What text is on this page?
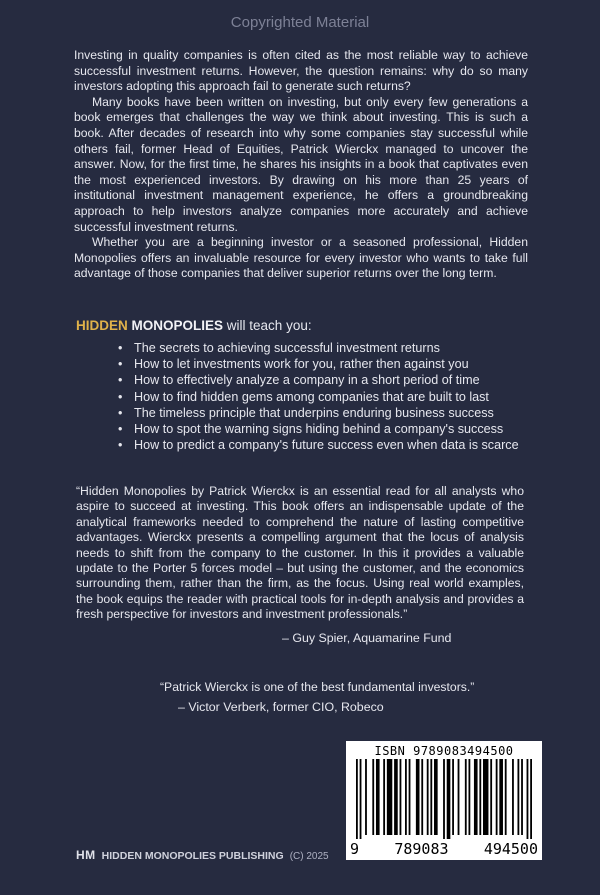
Copyrighted Material

Investing in quality companies is often cited as the most reliable way to achieve successful investment returns. However, the question remains: why do so many investors adopting this approach fail to generate such returns?

Many books have been written on investing, but only every few generations a book emerges that challenges the way we think about investing. This is such a book. After decades of research into why some companies stay successful while others fail, former Head of Equities, Patrick Wierckx managed to uncover the answer. Now, for the first time, he shares his insights in a book that captivates even the most experienced investors. By drawing on his more than 25 years of institutional investment management experience, he offers a groundbreaking approach to help investors analyze companies more accurately and achieve successful investment returns.

Whether you are a beginning investor or a seasoned professional, Hidden Monopolies offers an invaluable resource for every investor who wants to take full advantage of those companies that deliver superior returns over the long term.

HIDDEN MONOPOLIES will teach you:
• The secrets to achieving successful investment returns
• How to let investments work for you, rather then against you
• How to effectively analyze a company in a short period of time
• How to find hidden gems among companies that are built to last
• The timeless principle that underpins enduring business success
• How to spot the warning signs hiding behind a company's success
• How to predict a company's future success even when data is scarce

“Hidden Monopolies by Patrick Wierckx is an essential read for all analysts who aspire to succeed at investing. This book offers an indispensable update of the analytical frameworks needed to comprehend the nature of lasting competitive advantages. Wierckx presents a compelling argument that the locus of analysis needs to shift from the company to the customer. In this it provides a valuable update to the Porter 5 forces model – but using the customer, and the economics surrounding them, rather than the firm, as the focus. Using real world examples, the book equips the reader with practical tools for in-depth analysis and provides a fresh perspective for investors and investment professionals.”

– Guy Spier, Aquamarine Fund
“Patrick Wierckx is one of the best fundamental investors.”
– Victor Verberk, former CIO, Robeco
ISBN 9789083494500
9 789083 494500
HM HIDDEN MONOPOLIES PUBLISHING (C) 2025
